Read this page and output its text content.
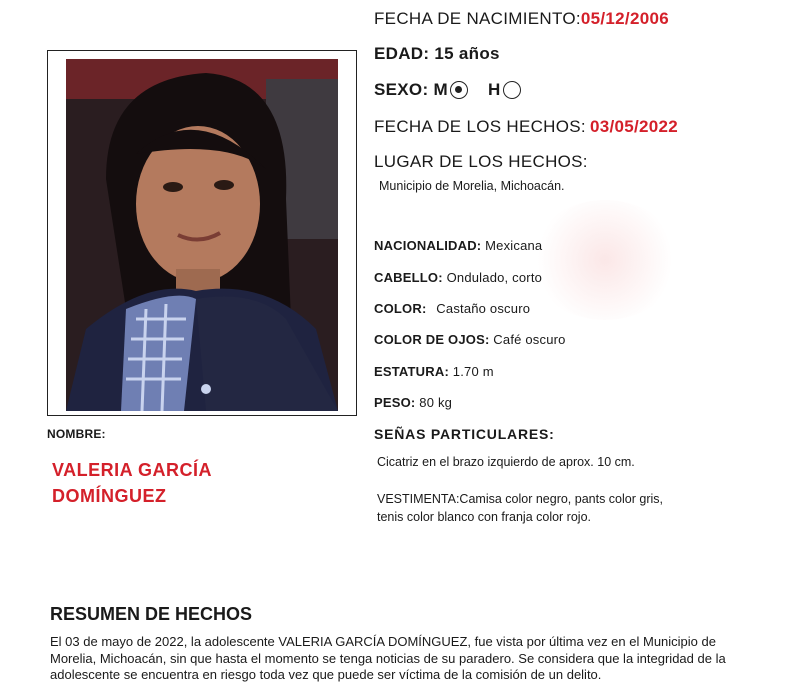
FECHA DE NACIMIENTO:05/12/2006
EDAD: 15 años
SEXO: M H
FECHA DE LOS HECHOS: 03/05/2022
LUGAR DE LOS HECHOS:
Municipio de Morelia, Michoacán.
NACIONALIDAD: Mexicana
CABELLO: Ondulado, corto
COLOR: Castaño oscuro
COLOR DE OJOS: Café oscuro
ESTATURA: 1.70 m
PESO: 80 kg
SEÑAS PARTICULARES:
Cicatriz en el brazo izquierdo de aprox. 10 cm.
VESTIMENTA:Camisa color negro, pants color gris,
tenis color blanco con franja color rojo.
NOMBRE:
VALERIA GARCÍA
DOMÍNGUEZ
RESUMEN DE HECHOS
El 03 de mayo de 2022, la adolescente VALERIA GARCÍA DOMÍNGUEZ, fue vista por última vez en el Municipio de Morelia, Michoacán, sin que hasta el momento se tenga noticias de su paradero. Se considera que la integridad de la adolescente se encuentra en riesgo toda vez que puede ser víctima de la comisión de un delito.
